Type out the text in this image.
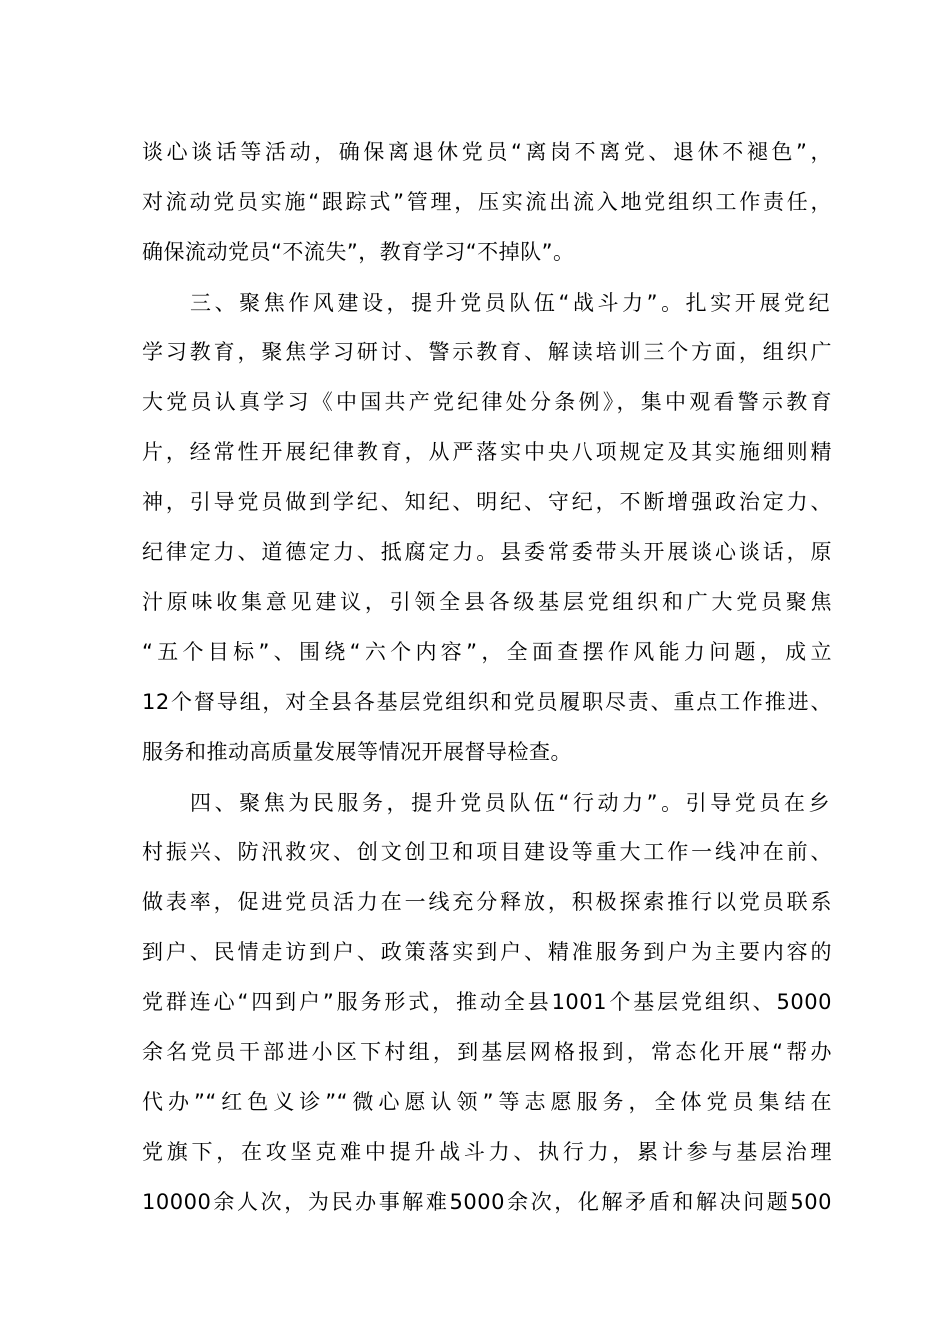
谈心谈话等活动，确保离退休党员“离岗不离党、退休不褪色”，
对流动党员实施“跟踪式”管理，压实流出流入地党组织工作责任，
确保流动党员“不流失”，教育学习“不掉队”。
三、聚焦作风建设，提升党员队伍“战斗力”。扎实开展党纪
学习教育，聚焦学习研讨、警示教育、解读培训三个方面，组织广
大党员认真学习《中国共产党纪律处分条例》，集中观看警示教育
片，经常性开展纪律教育，从严落实中央八项规定及其实施细则精
神，引导党员做到学纪、知纪、明纪、守纪，不断增强政治定力、
纪律定力、道德定力、抵腐定力。县委常委带头开展谈心谈话，原
汁原味收集意见建议，引领全县各级基层党组织和广大党员聚焦
“五个目标”、围绕“六个内容”，全面查摆作风能力问题，成立
12个督导组，对全县各基层党组织和党员履职尽责、重点工作推进、
服务和推动高质量发展等情况开展督导检查。
四、聚焦为民服务，提升党员队伍“行动力”。引导党员在乡
村振兴、防汛救灾、创文创卫和项目建设等重大工作一线冲在前、
做表率，促进党员活力在一线充分释放，积极探索推行以党员联系
到户、民情走访到户、政策落实到户、精准服务到户为主要内容的
党群连心“四到户”服务形式，推动全县1001个基层党组织、5000
余名党员干部进小区下村组，到基层网格报到，常态化开展“帮办
代办”“红色义诊”“微心愿认领”等志愿服务，全体党员集结在
党旗下，在攻坚克难中提升战斗力、执行力，累计参与基层治理
10000余人次，为民办事解难5000余次，化解矛盾和解决问题500
